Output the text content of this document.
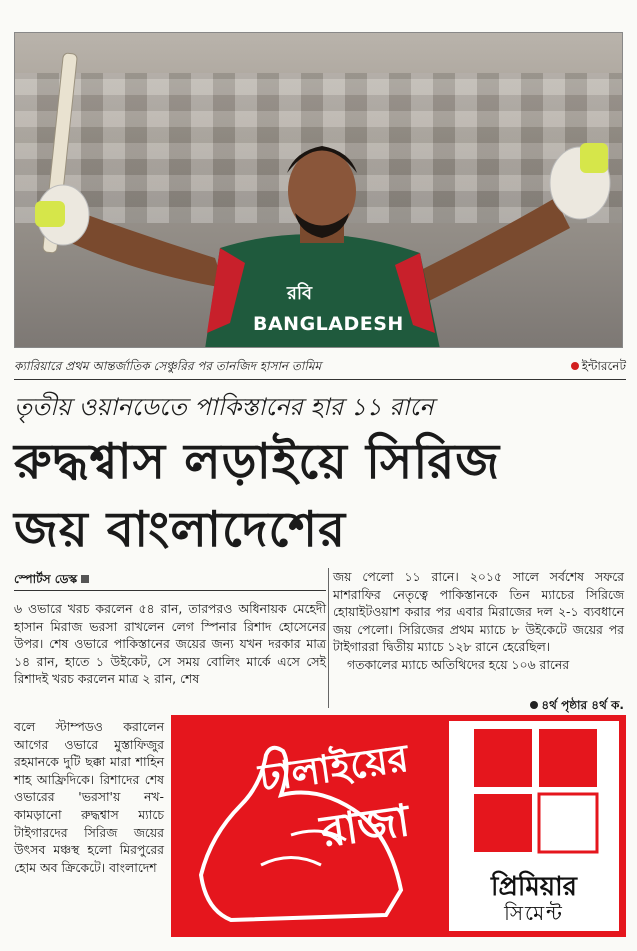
রবি
BANGLADESH
ক্যারিয়ারে প্রথম আন্তর্জাতিক সেঞ্চুরির পর তানজিদ হাসান তামিম	ইন্টারনেট
তৃতীয় ওয়ানডেতে পাকিস্তানের হার ১১ রানে
রুদ্ধশ্বাস লড়াইয়ে সিরিজ
জয় বাংলাদেশের
স্পোর্টস ডেস্ক
৬ ওভারে খরচ করলেন ৫৪ রান, তারপরও অধিনায়ক মেহেদী হাসান মিরাজ ভরসা রাখলেন লেগ স্পিনার রিশাদ হোসেনের উপর। শেষ ওভারে পাকিস্তানের জয়ের জন্য যখন দরকার মাত্র ১৪ রান, হাতে ১ উইকেট, সে সময় বোলিং মার্কে এসে সেই রিশাদই খরচ করলেন মাত্র ২ রান, শেষ
বলে স্টাম্পডও করালেন আগের ওভারে মুস্তাফিজুর রহমানকে দুটি ছক্কা মারা শাহিন শাহ আফ্রিদিকে। রিশাদের শেষ ওভারের 'ভরসা'য় নখ-কামড়ানো রুদ্ধশ্বাস ম্যাচে টাইগারদের সিরিজ জয়ের উৎসব মঞ্চস্থ হলো মিরপুরের হোম অব ক্রিকেটে। বাংলাদেশ

জয় পেলো ১১ রানে। ২০১৫ সালে সর্বশেষ সফরে মাশরাফির নেতৃত্বে পাকিস্তানকে তিন ম্যাচের সিরিজে হোয়াইটওয়াশ করার পর এবার মিরাজের দল ২-১ ব্যবধানে জয় পেলো। সিরিজের প্রথম ম্যাচে ৮ উইকেটে জয়ের পর টাইগাররা দ্বিতীয় ম্যাচে ১২৮ রানে হেরেছিল।

গতকালের ম্যাচে অতিথিদের হয়ে ১০৬ রানের

৪র্থ পৃষ্ঠার ৪র্থ ক.
ঢালাইয়ের
রাজা
প্রিমিয়ার
সিমেন্ট
